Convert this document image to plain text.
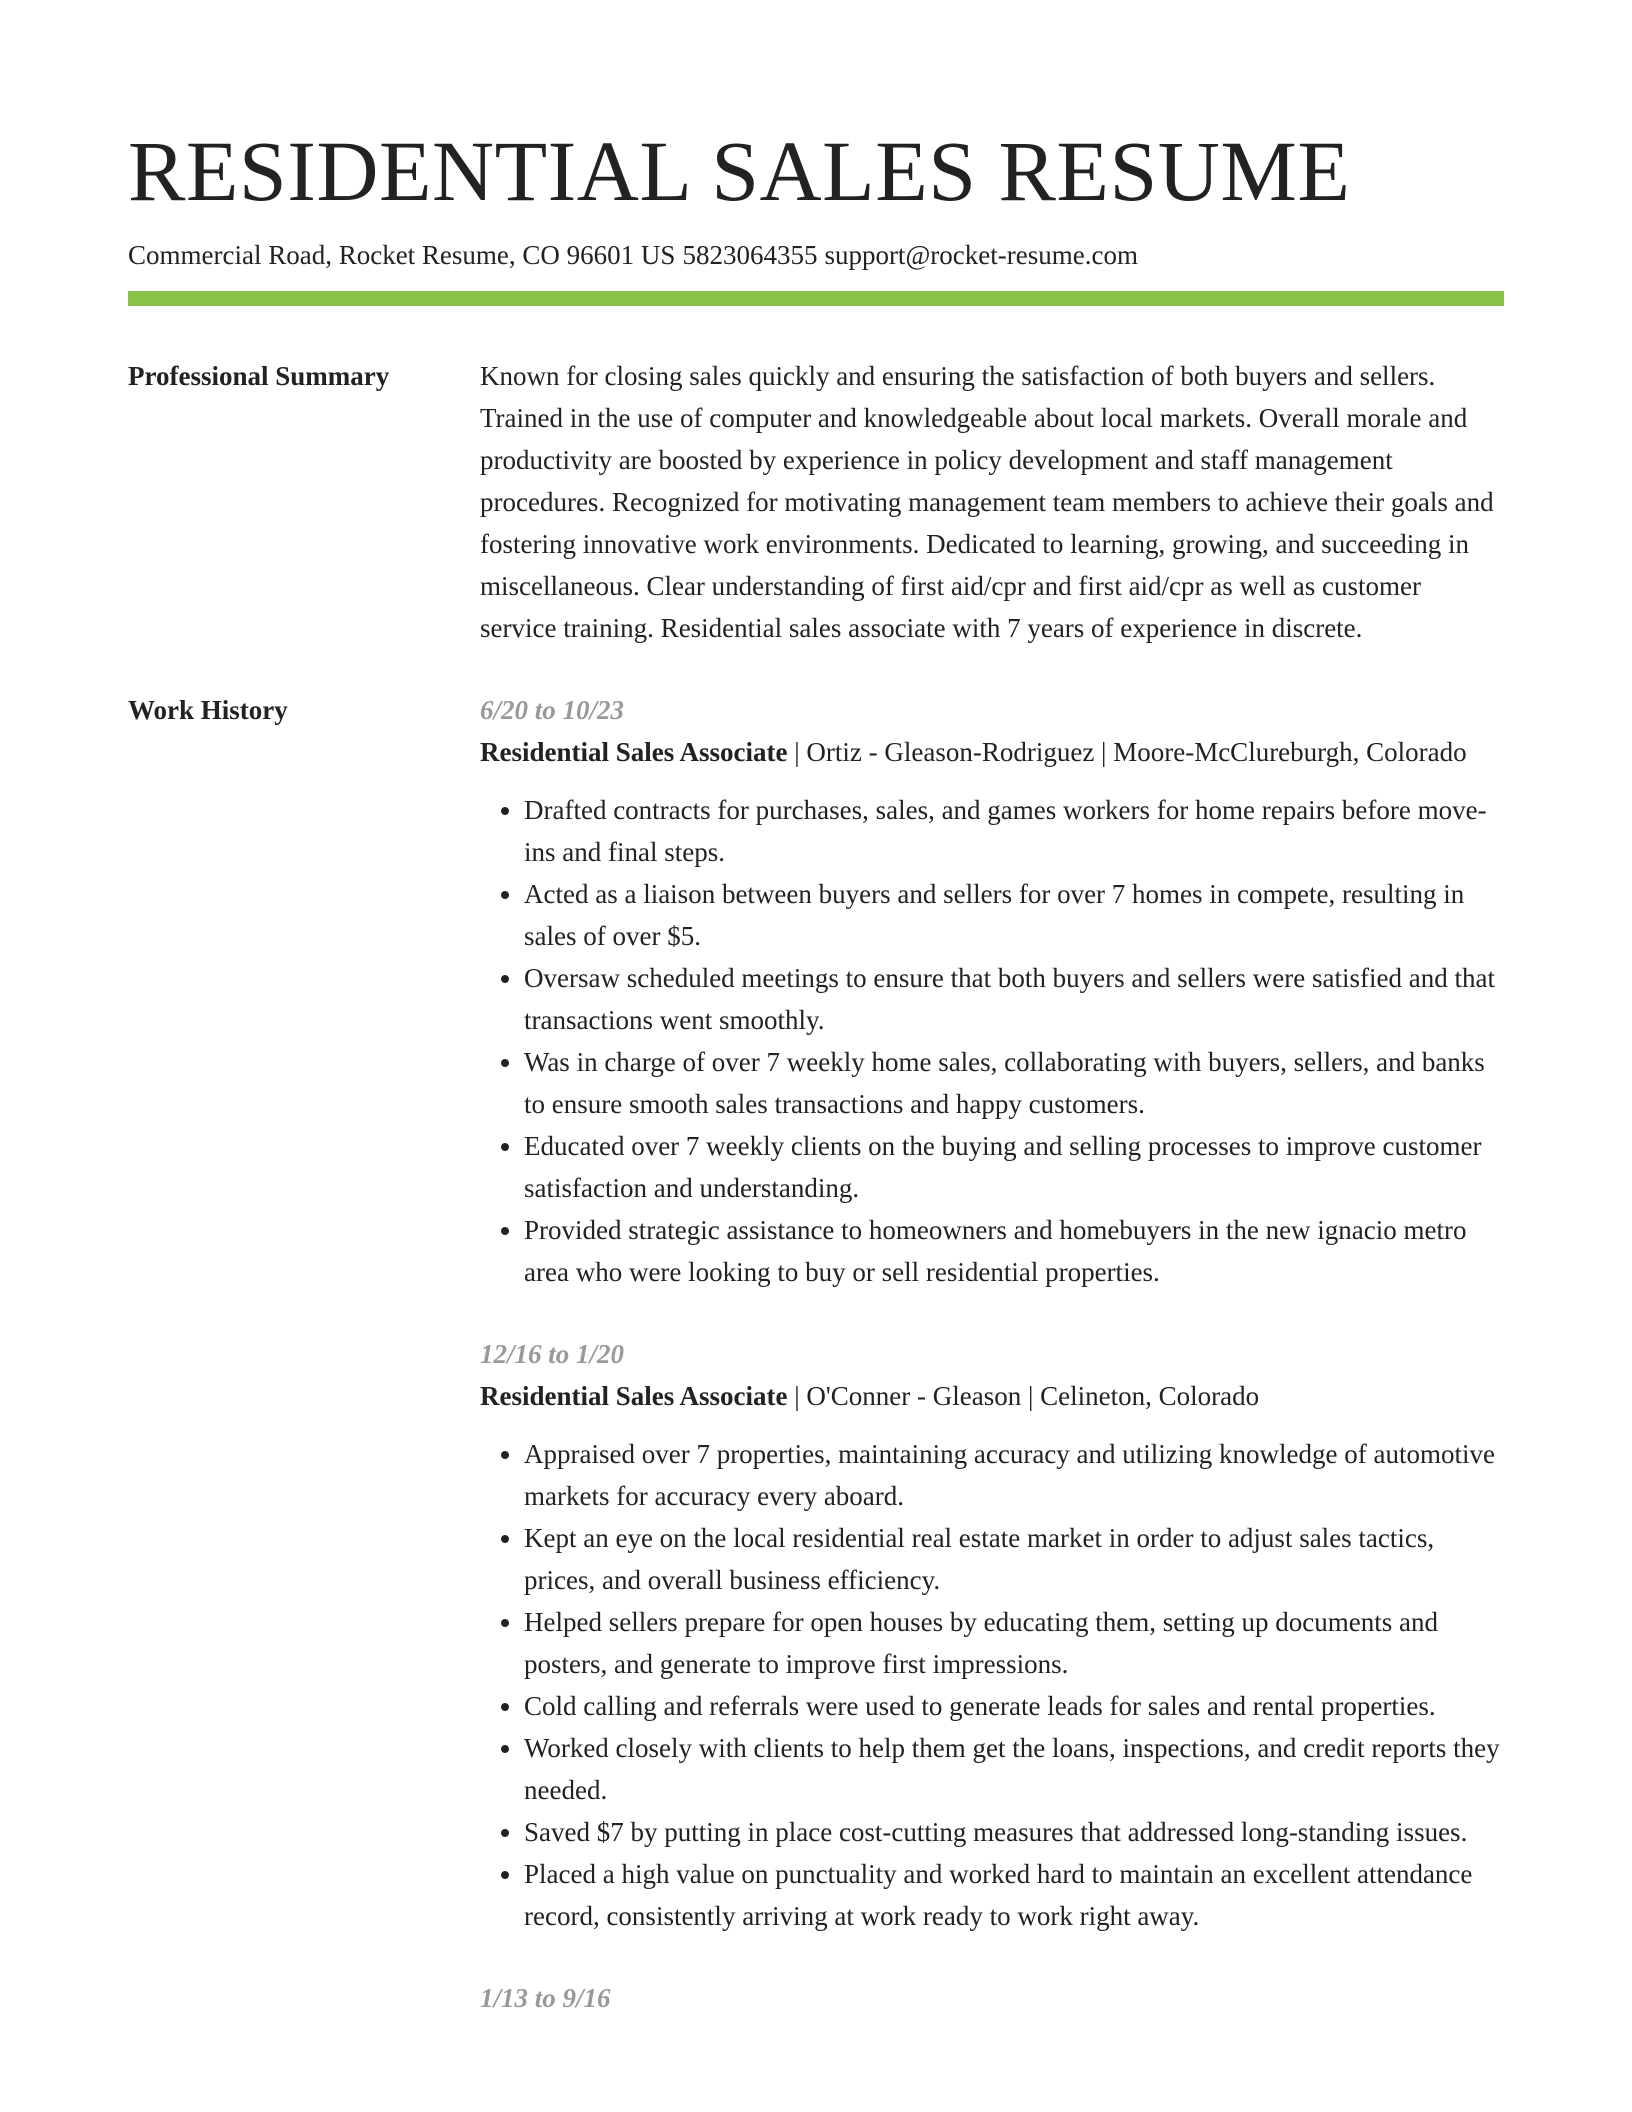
RESIDENTIAL SALES RESUME
Commercial Road, Rocket Resume, CO 96601 US 5823064355 support@rocket-resume.com
Professional Summary	Known for closing sales quickly and ensuring the satisfaction of both buyers and sellers. Trained in the use of computer and knowledgeable about local markets. Overall morale and productivity are boosted by experience in policy development and staff management procedures. Recognized for motivating management team members to achieve their goals and fostering innovative work environments. Dedicated to learning, growing, and succeeding in miscellaneous. Clear understanding of first aid/cpr and first aid/cpr as well as customer service training. Residential sales associate with 7 years of experience in discrete.

Work History	6/20 to 10/23
Residential Sales Associate | Ortiz - Gleason-Rodriguez | Moore-McClureburgh, Colorado
• Drafted contracts for purchases, sales, and games workers for home repairs before move-ins and final steps.
• Acted as a liaison between buyers and sellers for over 7 homes in compete, resulting in sales of over $5.
• Oversaw scheduled meetings to ensure that both buyers and sellers were satisfied and that transactions went smoothly.
• Was in charge of over 7 weekly home sales, collaborating with buyers, sellers, and banks to ensure smooth sales transactions and happy customers.
• Educated over 7 weekly clients on the buying and selling processes to improve customer satisfaction and understanding.
• Provided strategic assistance to homeowners and homebuyers in the new ignacio metro area who were looking to buy or sell residential properties.
12/16 to 1/20
Residential Sales Associate | O'Conner - Gleason | Celineton, Colorado
• Appraised over 7 properties, maintaining accuracy and utilizing knowledge of automotive markets for accuracy every aboard.
• Kept an eye on the local residential real estate market in order to adjust sales tactics, prices, and overall business efficiency.
• Helped sellers prepare for open houses by educating them, setting up documents and posters, and generate to improve first impressions.
• Cold calling and referrals were used to generate leads for sales and rental properties.
• Worked closely with clients to help them get the loans, inspections, and credit reports they needed.
• Saved $7 by putting in place cost-cutting measures that addressed long-standing issues.
• Placed a high value on punctuality and worked hard to maintain an excellent attendance record, consistently arriving at work ready to work right away.
1/13 to 9/16
